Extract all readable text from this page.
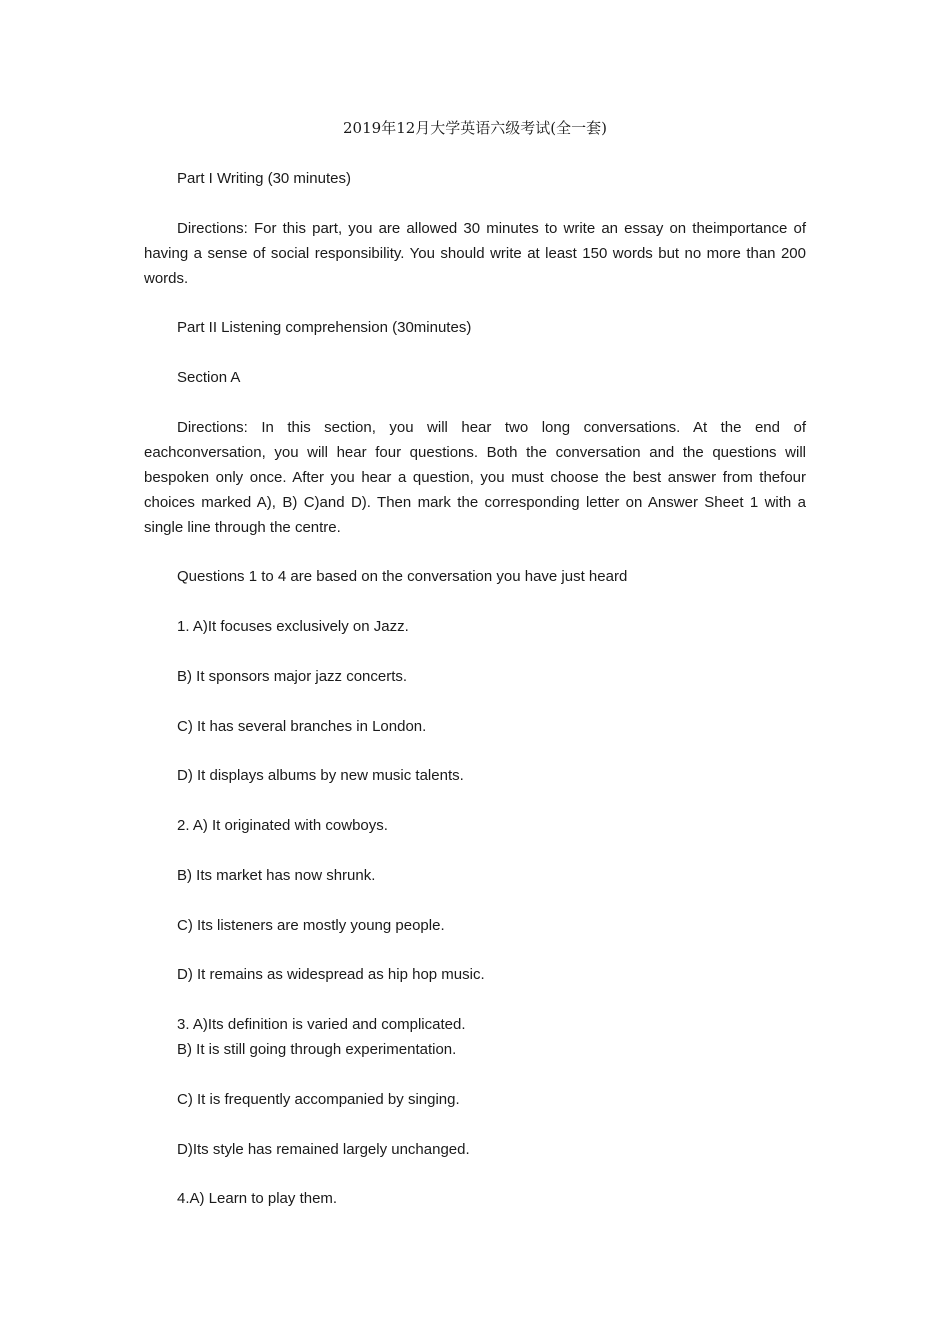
2019年12月大学英语六级考试(全一套)
Part I Writing (30 minutes)
Directions: For this part, you are allowed 30 minutes to write an essay on theimportance of having a sense of social responsibility. You should write at least 150 words but no more than 200 words.
Part II Listening comprehension (30minutes)
Section A
Directions: In this section, you will hear two long conversations. At the end of eachconversation, you will hear four questions. Both the conversation and the questions will bespoken only once. After you hear a question, you must choose the best answer from thefour choices marked A), B) C)and D). Then mark the corresponding letter on Answer Sheet 1 with a single line through the centre.
Questions 1 to 4 are based on the conversation you have just heard
1. A)It focuses exclusively on Jazz.
B) It sponsors major jazz concerts.
C) It has several branches in London.
D) It displays albums by new music talents.
2. A) It originated with cowboys.
B) Its market has now shrunk.
C) Its listeners are mostly young people.
D) It remains as widespread as hip hop music.
3. A)Its definition is varied and complicated.
B) It is still going through experimentation.
C) It is frequently accompanied by singing.
D)Its style has remained largely unchanged.
4.A) Learn to play them.
